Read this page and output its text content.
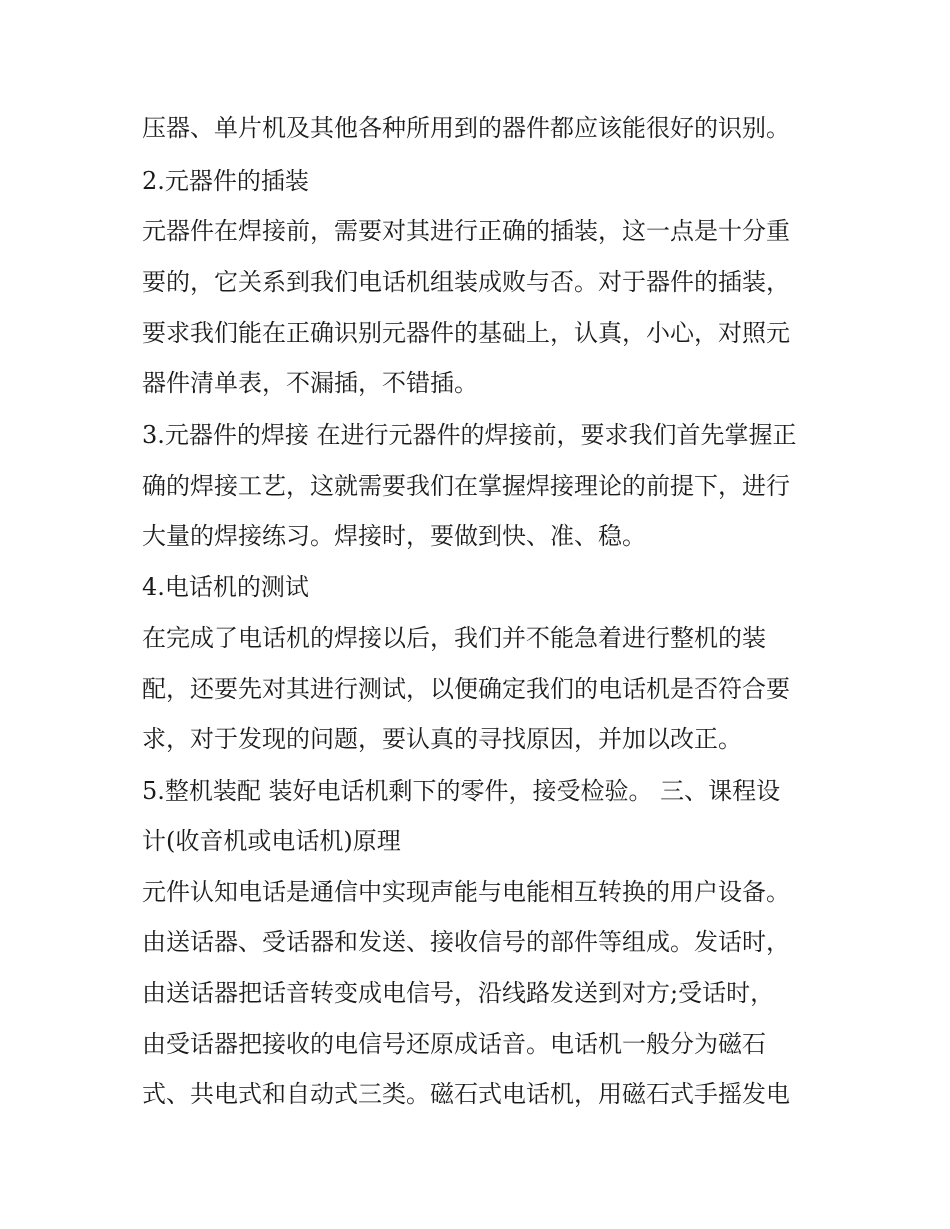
压器、单片机及其他各种所用到的器件都应该能很好的识别。
2.元器件的插装
元器件在焊接前，需要对其进行正确的插装，这一点是十分重
要的，它关系到我们电话机组装成败与否。对于器件的插装，
要求我们能在正确识别元器件的基础上，认真，小心，对照元
器件清单表，不漏插，不错插。
3.元器件的焊接 在进行元器件的焊接前，要求我们首先掌握正
确的焊接工艺，这就需要我们在掌握焊接理论的前提下，进行
大量的焊接练习。焊接时，要做到快、准、稳。
4.电话机的测试
在完成了电话机的焊接以后，我们并不能急着进行整机的装
配，还要先对其进行测试，以便确定我们的电话机是否符合要
求，对于发现的问题，要认真的寻找原因，并加以改正。
5.整机装配 装好电话机剩下的零件，接受检验。 三、课程设
计(收音机或电话机)原理
元件认知电话是通信中实现声能与电能相互转换的用户设备。
由送话器、受话器和发送、接收信号的部件等组成。发话时，
由送话器把话音转变成电信号，沿线路发送到对方;受话时，
由受话器把接收的电信号还原成话音。电话机一般分为磁石
式、共电式和自动式三类。磁石式电话机，用磁石式手摇发电
